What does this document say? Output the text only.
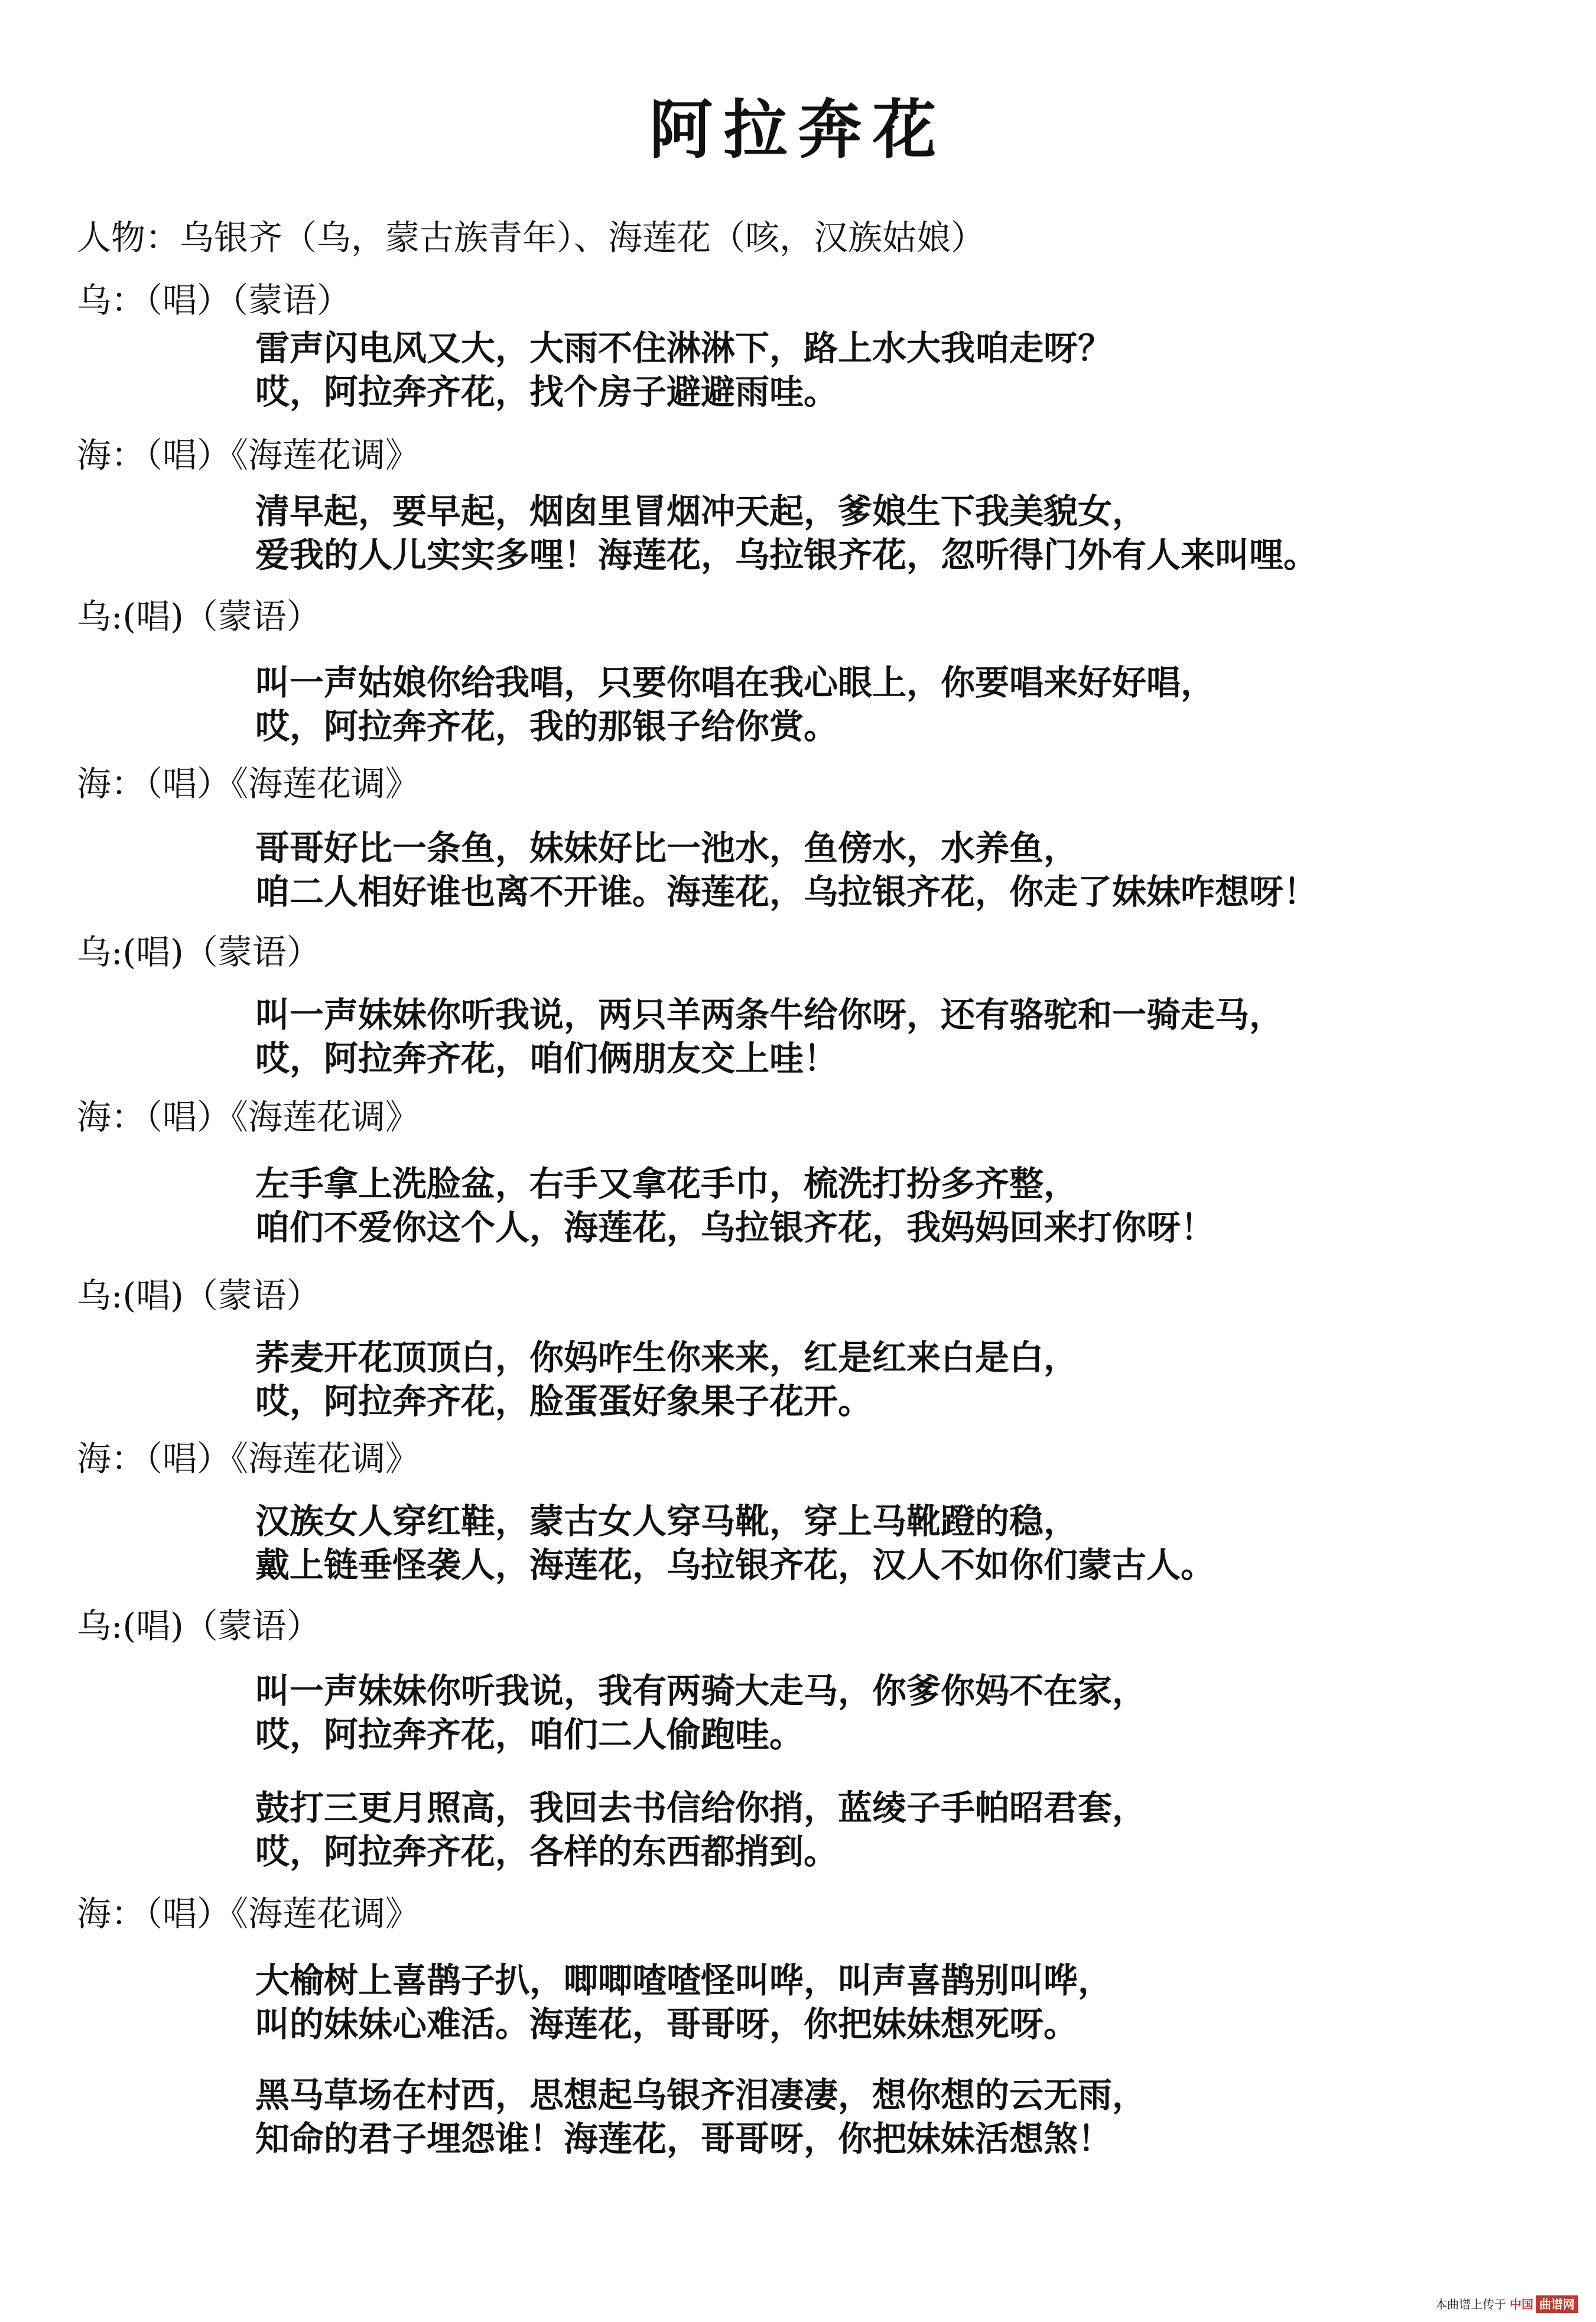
阿拉奔花
人物：乌银齐（乌，蒙古族青年）、海莲花（咳，汉族姑娘）
乌：（唱）（蒙语）
雷声闪电风又大，大雨不住淋淋下，路上水大我咱走呀？
哎，阿拉奔齐花，找个房子避避雨哇。
海：（唱）《海莲花调》
清早起，要早起，烟囱里冒烟冲天起，爹娘生下我美貌女，
爱我的人儿实实多哩！海莲花，乌拉银齐花，忽听得门外有人来叫哩。
乌:(唱)（蒙语）
叫一声姑娘你给我唱，只要你唱在我心眼上，你要唱来好好唱，
哎，阿拉奔齐花，我的那银子给你赏。
海：（唱）《海莲花调》
哥哥好比一条鱼，妹妹好比一池水，鱼傍水，水养鱼，
咱二人相好谁也离不开谁。海莲花，乌拉银齐花，你走了妹妹咋想呀！
乌:(唱)（蒙语）
叫一声妹妹你听我说，两只羊两条牛给你呀，还有骆驼和一骑走马，
哎，阿拉奔齐花，咱们俩朋友交上哇！
海：（唱）《海莲花调》
左手拿上洗脸盆，右手又拿花手巾，梳洗打扮多齐整，
咱们不爱你这个人，海莲花，乌拉银齐花，我妈妈回来打你呀！
乌:(唱)（蒙语）
荞麦开花顶顶白，你妈咋生你来来，红是红来白是白，
哎，阿拉奔齐花，脸蛋蛋好象果子花开。
海：（唱）《海莲花调》
汉族女人穿红鞋，蒙古女人穿马靴，穿上马靴蹬的稳，
戴上链垂怪袭人，海莲花，乌拉银齐花，汉人不如你们蒙古人。
乌:(唱)（蒙语）
叫一声妹妹你听我说，我有两骑大走马，你爹你妈不在家，
哎，阿拉奔齐花，咱们二人偷跑哇。
鼓打三更月照高，我回去书信给你捎，蓝绫子手帕昭君套，
哎，阿拉奔齐花，各样的东西都捎到。
海：（唱）《海莲花调》
大榆树上喜鹊子扒，唧唧喳喳怪叫哗，叫声喜鹊别叫哗，
叫的妹妹心难活。海莲花，哥哥呀，你把妹妹想死呀。
黑马草场在村西，思想起乌银齐泪凄凄，想你想的云无雨，
知命的君子埋怨谁！海莲花，哥哥呀，你把妹妹活想煞！
本曲谱上传于 中国 曲谱网
